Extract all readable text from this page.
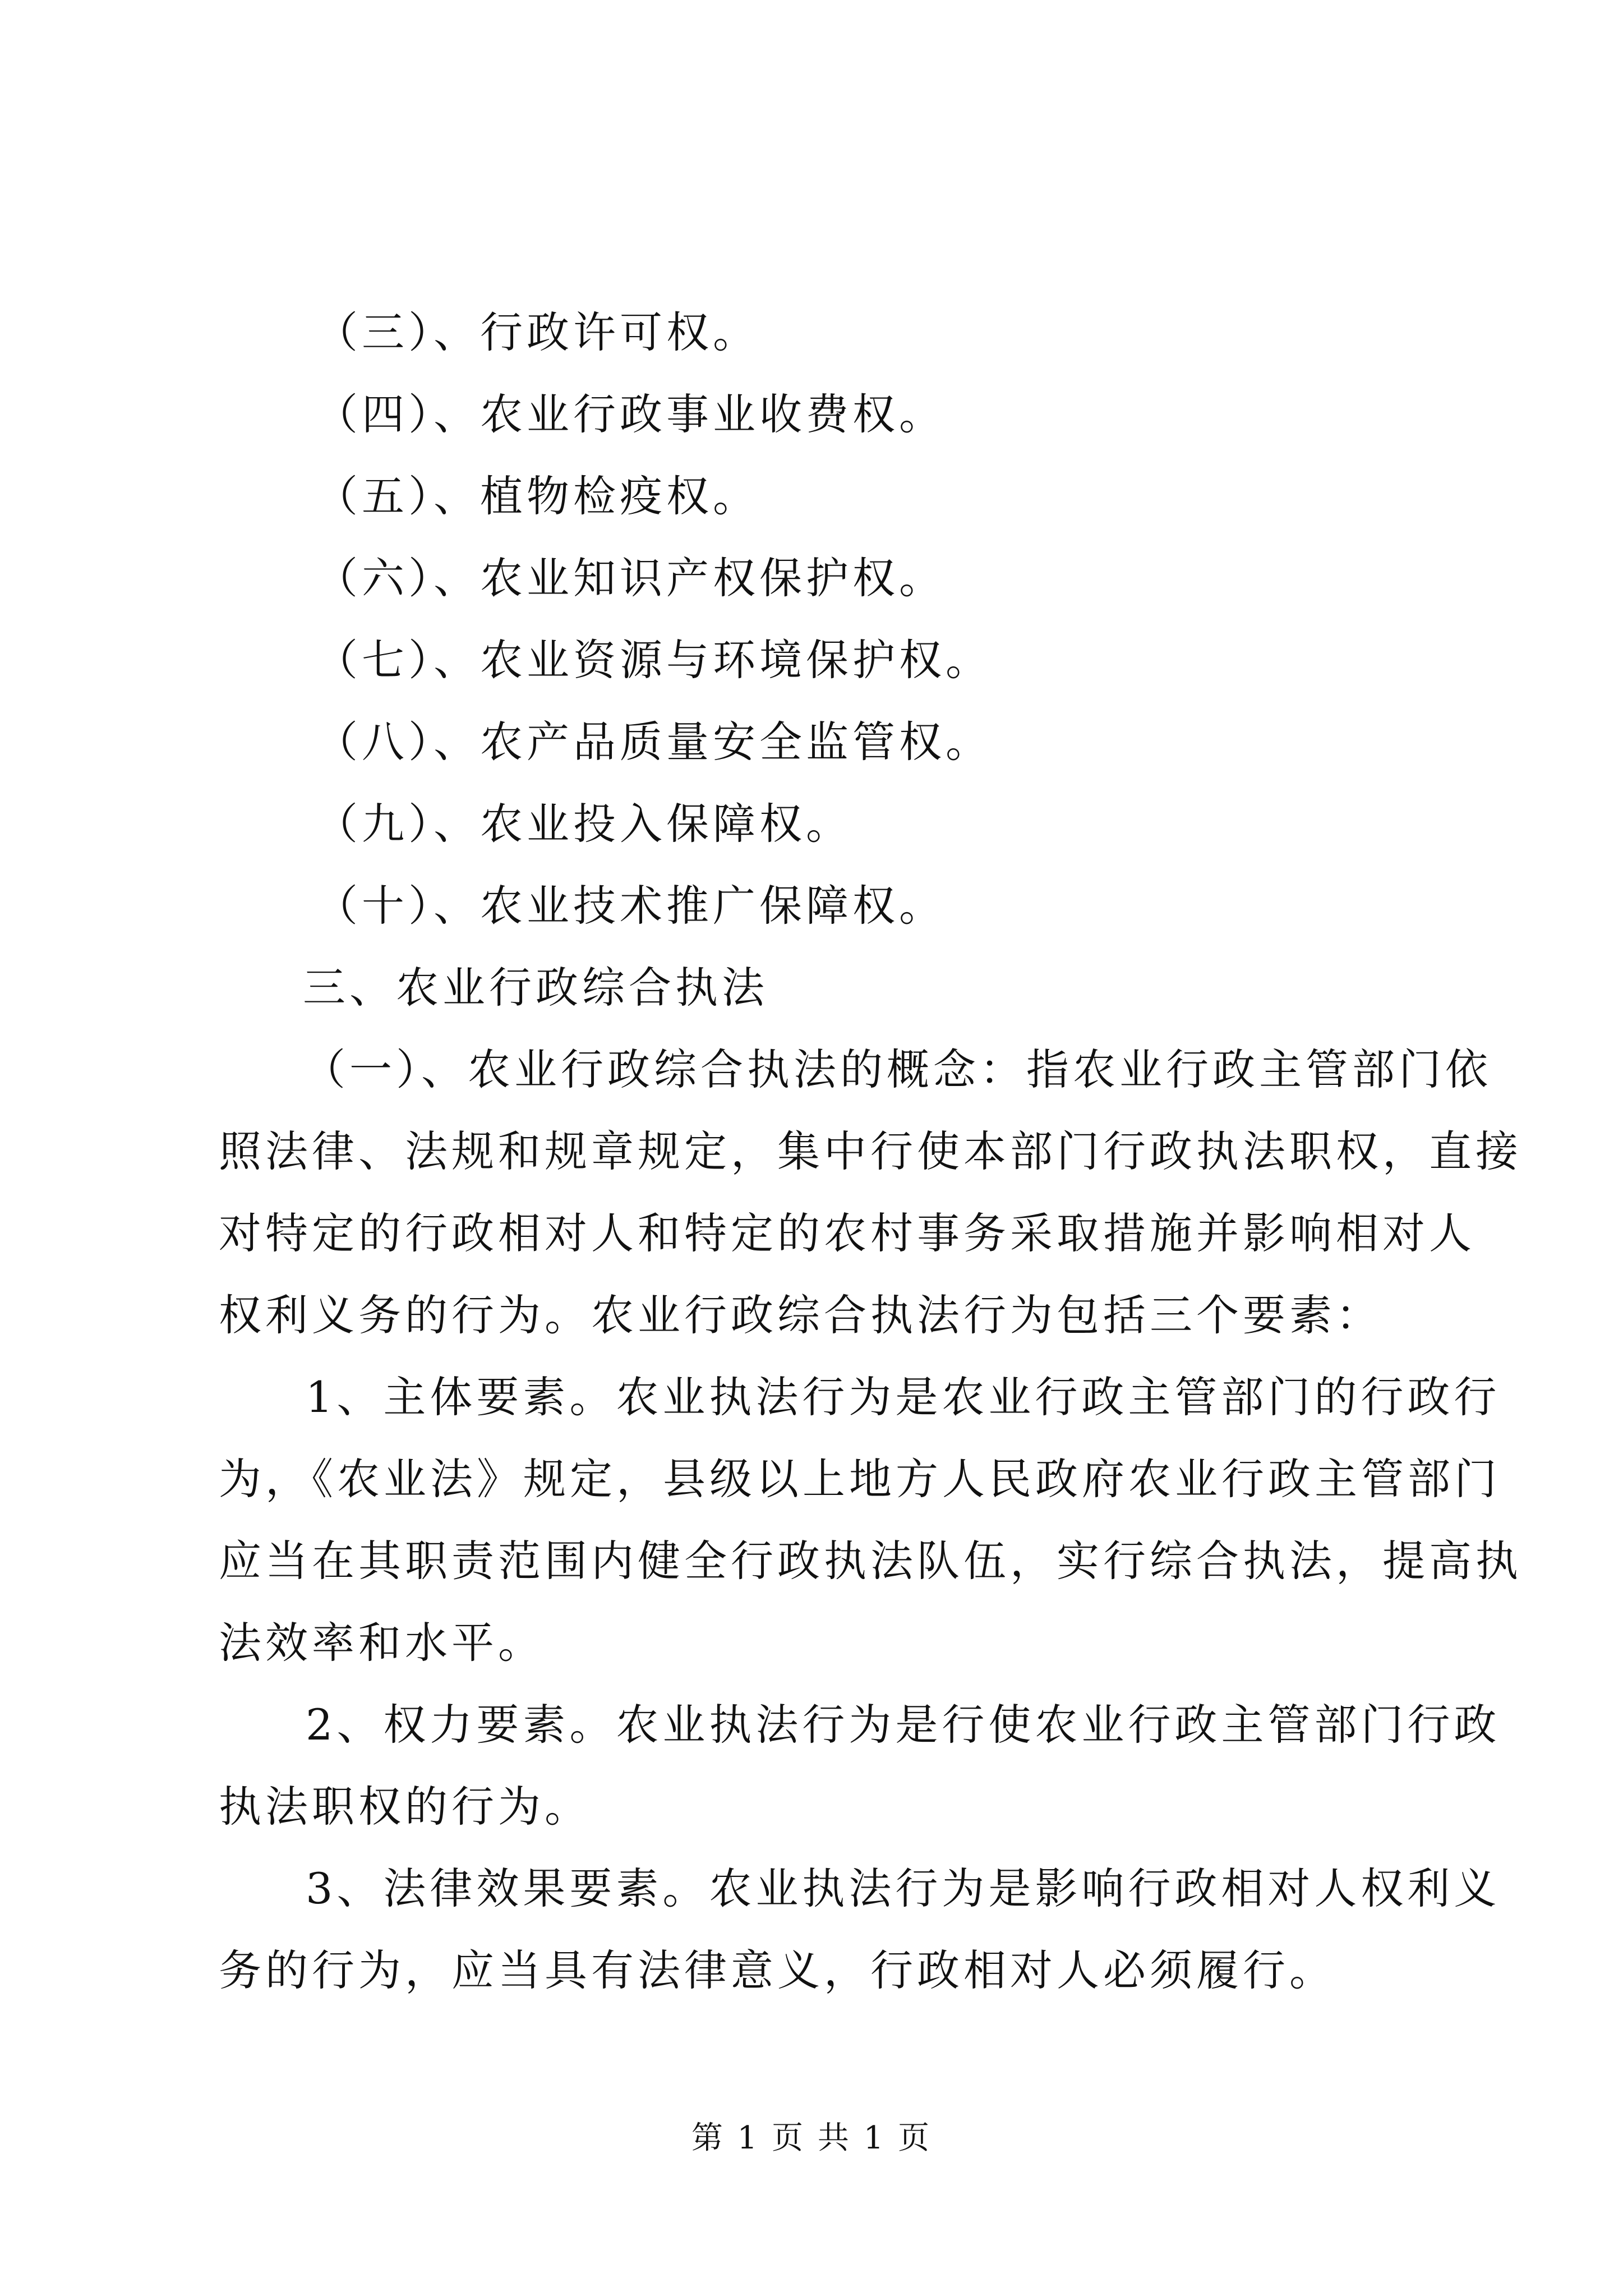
（三）、行政许可权。
（四）、农业行政事业收费权。
（五）、植物检疫权。
（六）、农业知识产权保护权。
（七）、农业资源与环境保护权。
（八）、农产品质量安全监管权。
（九）、农业投入保障权。
（十）、农业技术推广保障权。
三、农业行政综合执法
（一）、农业行政综合执法的概念：指农业行政主管部门依
照法律、法规和规章规定，集中行使本部门行政执法职权，直接
对特定的行政相对人和特定的农村事务采取措施并影响相对人
权利义务的行为。农业行政综合执法行为包括三个要素：
1、主体要素。农业执法行为是农业行政主管部门的行政行
为，《农业法》规定，县级以上地方人民政府农业行政主管部门
应当在其职责范围内健全行政执法队伍，实行综合执法，提高执
法效率和水平。
2、权力要素。农业执法行为是行使农业行政主管部门行政
执法职权的行为。
3、法律效果要素。农业执法行为是影响行政相对人权利义
务的行为，应当具有法律意义，行政相对人必须履行。
第 1 页 共 1 页
